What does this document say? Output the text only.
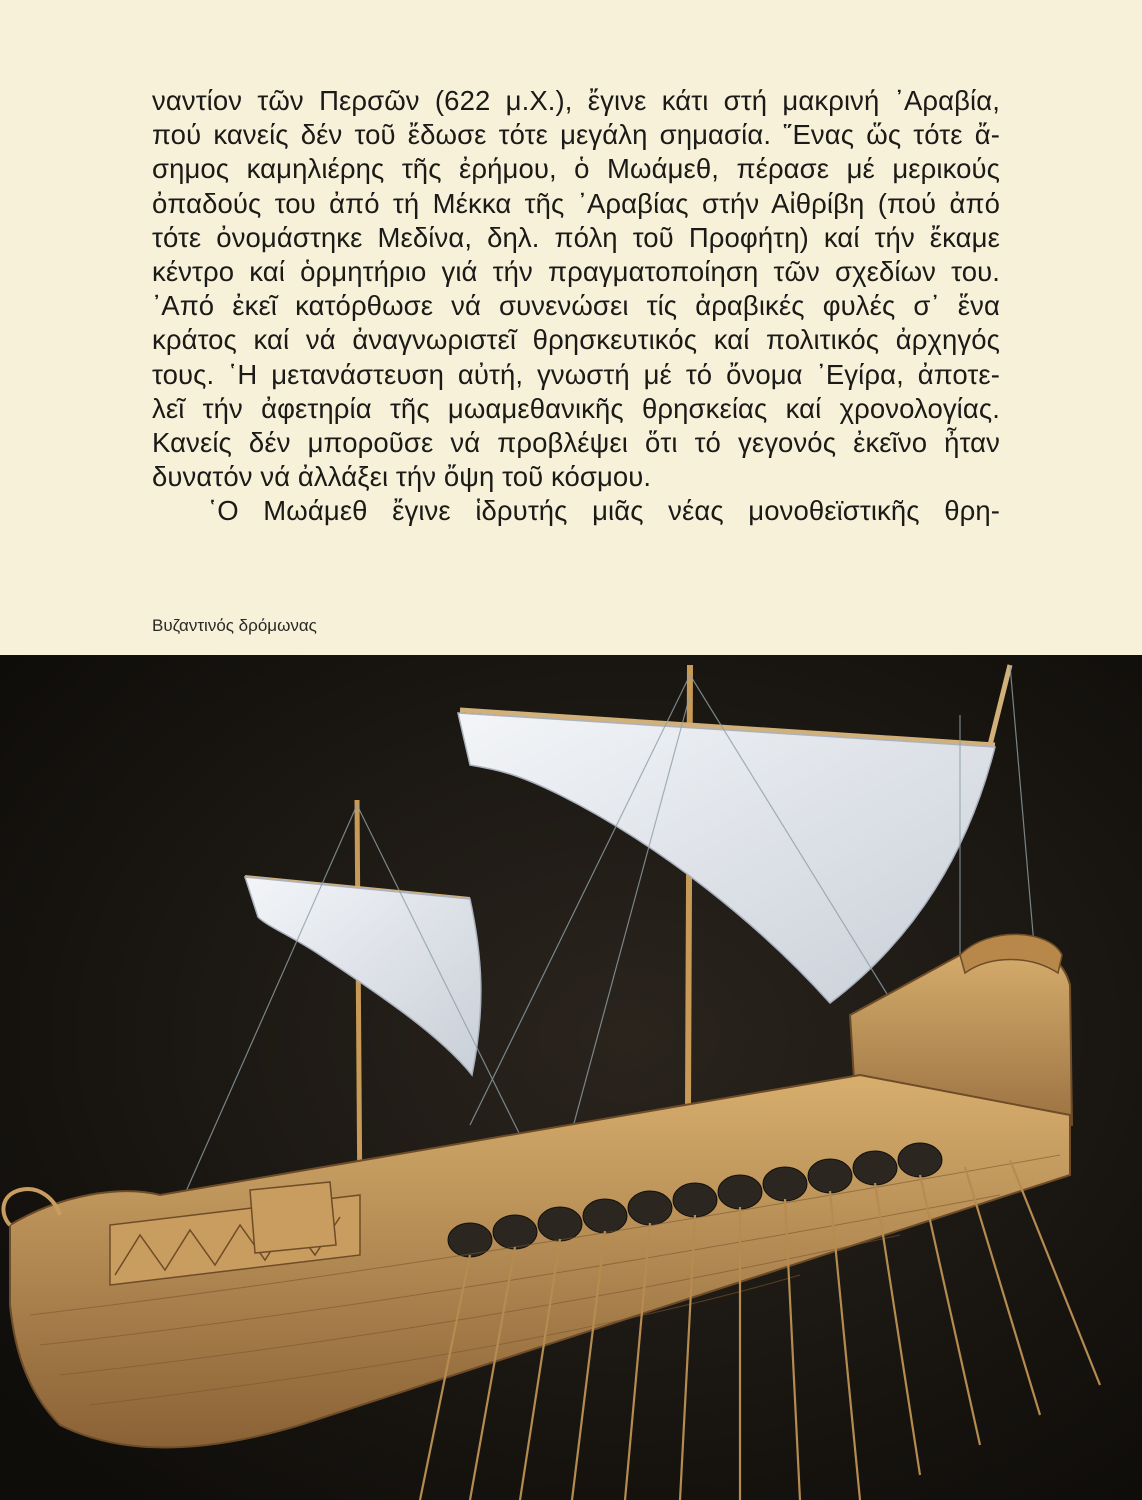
ναντίον τῶν Περσῶν (622 μ.Χ.), ἔγινε κάτι στή μακρινή ᾿Αραβία,
πού κανείς δέν τοῦ ἔδωσε τότε μεγάλη σημασία. ῞Ενας ὥς τότε ἄ-
σημος καμηλιέρης τῆς ἐρήμου, ὁ Μωάμεθ, πέρασε μέ μερικούς
ὀπαδούς του ἀπό τή Μέκκα τῆς ᾿Αραβίας στήν Αἰθρίβη (πού ἀπό
τότε ὀνομάστηκε Μεδίνα, δηλ. πόλη τοῦ Προφήτη) καί τήν ἔκαμε
κέντρο καί ὁρμητήριο γιά τήν πραγματοποίηση τῶν σχεδίων του.
᾿Από ἐκεῖ κατόρθωσε νά συνενώσει τίς ἀραβικές φυλές σ᾿ ἕνα
κράτος καί νά ἀναγνωριστεῖ θρησκευτικός καί πολιτικός ἀρχηγός
τους. ῾Η μετανάστευση αὐτή, γνωστή μέ τό ὄνομα ᾿Εγίρα, ἀποτε-
λεῖ τήν ἀφετηρία τῆς μωαμεθανικῆς θρησκείας καί χρονολογίας.
Κανείς δέν μποροῦσε νά προβλέψει ὅτι τό γεγονός ἐκεῖνο ἦταν
δυνατόν νά ἀλλάξει τήν ὄψη τοῦ κόσμου.
῾Ο Μωάμεθ ἔγινε ἱδρυτής μιᾶς νέας μονοθεϊστικῆς θρη-
Βυζαντινός δρόμωνας
